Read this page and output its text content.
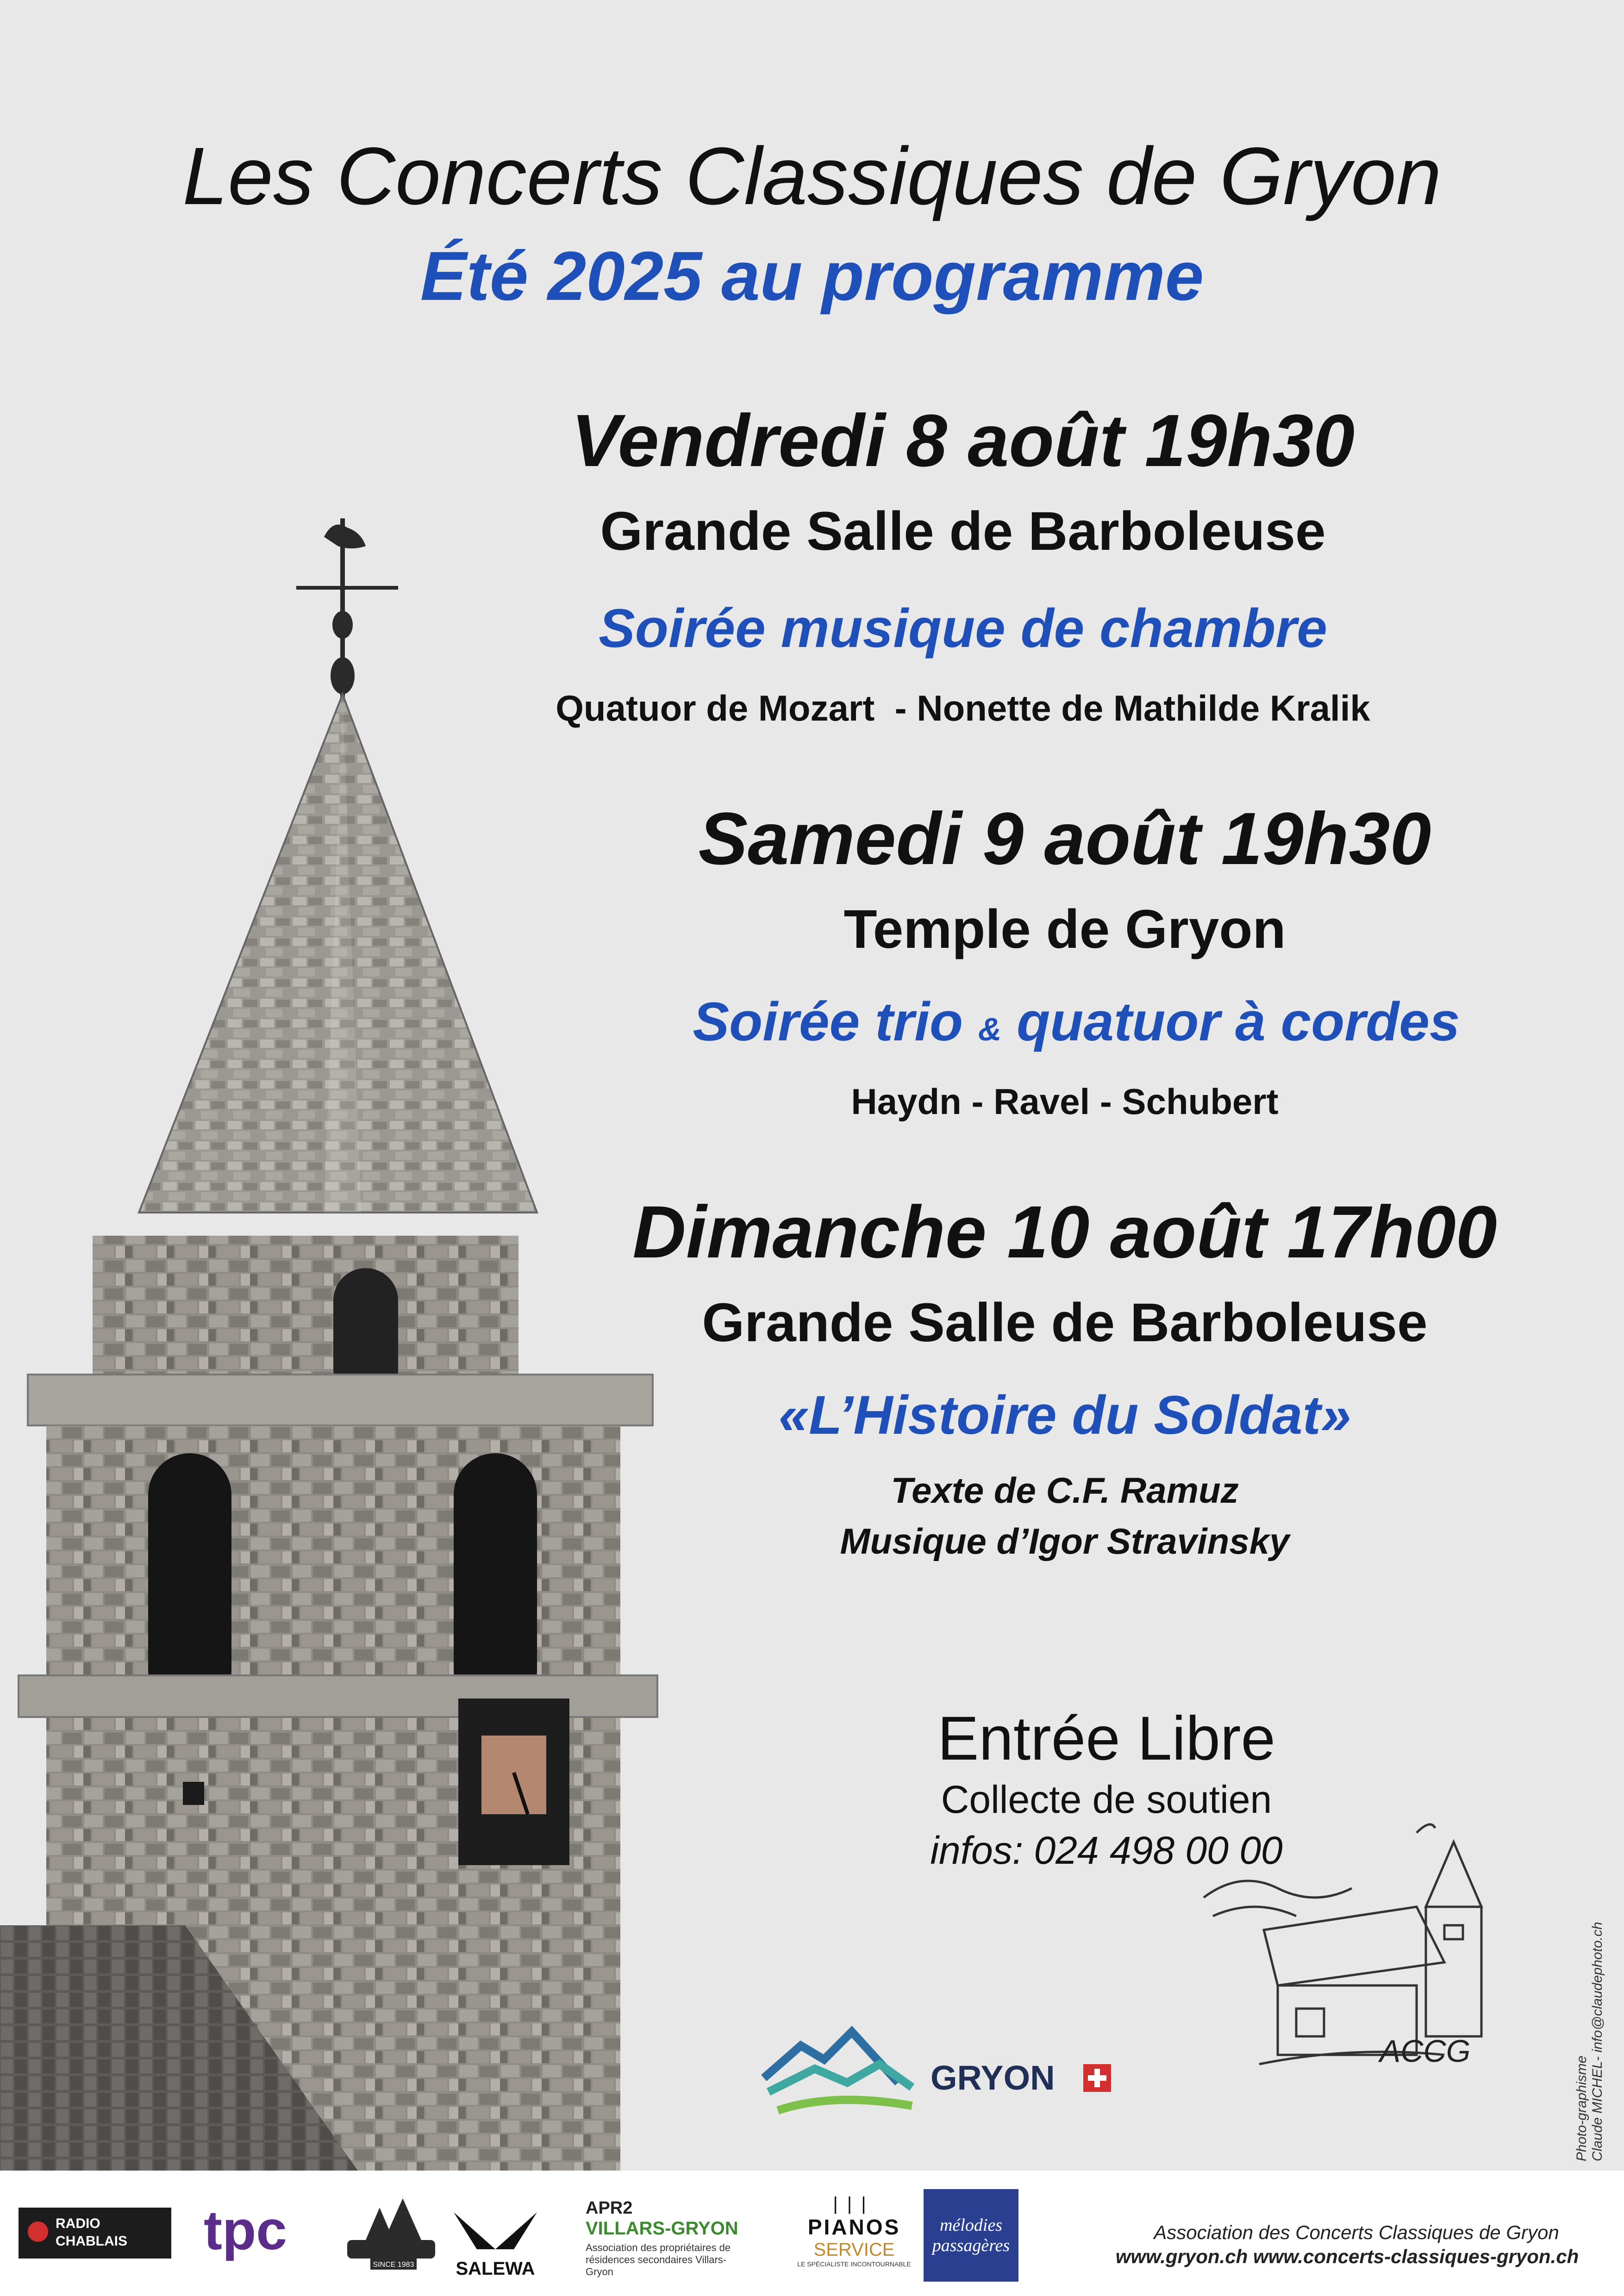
Les Concerts Classiques de Gryon
Été 2025 au programme
Vendredi 8 août 19h30
Grande Salle de Barboleuse
Soirée musique de chambre
Quatuor de Mozart  - Nonette de Mathilde Kralik
Samedi 9 août 19h30
Temple de Gryon
Soirée trio & quatuor à cordes
Haydn - Ravel - Schubert
Dimanche 10 août 17h00
Grande Salle de Barboleuse
«L’Histoire du Soldat»
Texte de C.F. Ramuz
Musique d’Igor Stravinsky
Entrée Libre
Collecte de soutien
infos: 024 498 00 00
ACCG
GRYON	Photo-graphisme Claude MICHEL- info@claudephoto.ch
RADIO
CHABLAIS tpc
SINCE 1983 SALEWA
APR2
VILLARS-GRYON
Association des propriétaires de
résidences secondaires Villars-Gryon
|||
PIANOS
SERVICE
LE SPÉCIALISTE INCONTOURNABLE
mélodies
passagères
Association des Concerts Classiques de Gryon
www.gryon.ch www.concerts-classiques-gryon.ch
